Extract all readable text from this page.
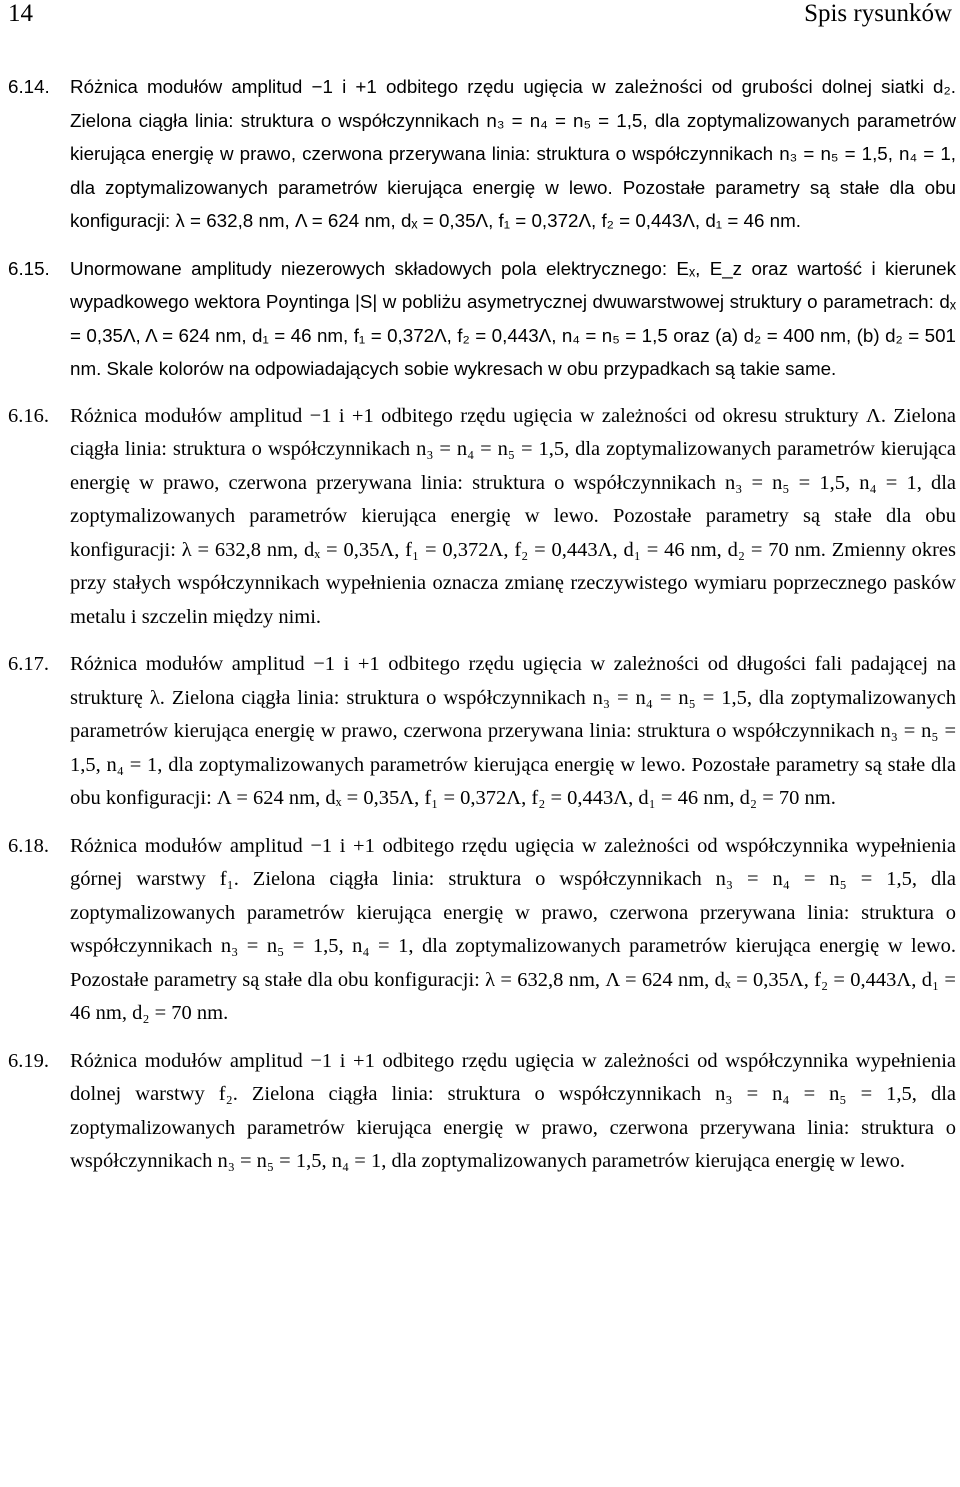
14	Spis rysunków
6.14. Różnica modułów amplitud −1 i +1 odbitego rzędu ugięcia w zależności od grubości dolnej siatki d₂. Zielona ciągła linia: struktura o współczynnikach n₃ = n₄ = n₅ = 1,5, dla zoptymalizowanych parametrów kierująca energię w prawo, czerwona przerywana linia: struktura o współczynnikach n₃ = n₅ = 1,5, n₄ = 1, dla zoptymalizowanych parametrów kierująca energię w lewo. Pozostałe parametry są stałe dla obu konfiguracji: λ = 632,8 nm, Λ = 624 nm, dₓ = 0,35Λ, f₁ = 0,372Λ, f₂ = 0,443Λ, d₁ = 46 nm.

6.15. Unormowane amplitudy niezerowych składowych pola elektrycznego: Eₓ, E_z oraz wartość i kierunek wypadkowego wektora Poyntinga |S| w pobliżu asymetrycznej dwuwarstwowej struktury o parametrach: dₓ = 0,35Λ, Λ = 624 nm, d₁ = 46 nm, f₁ = 0,372Λ, f₂ = 0,443Λ, n₄ = n₅ = 1,5 oraz (a) d₂ = 400 nm, (b) d₂ = 501 nm. Skale kolorów na odpowiadających sobie wykresach w obu przypadkach są takie same.

6.16. Różnica modułów amplitud −1 i +1 odbitego rzędu ugięcia w zależności od okresu struktury Λ. Zielona ciągła linia: struktura o współczynnikach n₃ = n₄ = n₅ = 1,5, dla zoptymalizowanych parametrów kierująca energię w prawo, czerwona przerywana linia: struktura o współczynnikach n₃ = n₅ = 1,5, n₄ = 1, dla zoptymalizowanych parametrów kierująca energię w lewo. Pozostałe parametry są stałe dla obu konfiguracji: λ = 632,8 nm, dₓ = 0,35Λ, f₁ = 0,372Λ, f₂ = 0,443Λ, d₁ = 46 nm, d₂ = 70 nm. Zmienny okres przy stałych współczynnikach wypełnienia oznacza zmianę rzeczywistego wymiaru poprzecznego pasków metalu i szczelin między nimi.

6.17. Różnica modułów amplitud −1 i +1 odbitego rzędu ugięcia w zależności od długości fali padającej na strukturę λ. Zielona ciągła linia: struktura o współczynnikach n₃ = n₄ = n₅ = 1,5, dla zoptymalizowanych parametrów kierująca energię w prawo, czerwona przerywana linia: struktura o współczynnikach n₃ = n₅ = 1,5, n₄ = 1, dla zoptymalizowanych parametrów kierująca energię w lewo. Pozostałe parametry są stałe dla obu konfiguracji: Λ = 624 nm, dₓ = 0,35Λ, f₁ = 0,372Λ, f₂ = 0,443Λ, d₁ = 46 nm, d₂ = 70 nm.

6.18. Różnica modułów amplitud −1 i +1 odbitego rzędu ugięcia w zależności od współczynnika wypełnienia górnej warstwy f₁. Zielona ciągła linia: struktura o współczynnikach n₃ = n₄ = n₅ = 1,5, dla zoptymalizowanych parametrów kierująca energię w prawo, czerwona przerywana linia: struktura o współczynnikach n₃ = n₅ = 1,5, n₄ = 1, dla zoptymalizowanych parametrów kierująca energię w lewo. Pozostałe parametry są stałe dla obu konfiguracji: λ = 632,8 nm, Λ = 624 nm, dₓ = 0,35Λ, f₂ = 0,443Λ, d₁ = 46 nm, d₂ = 70 nm.

6.19. Różnica modułów amplitud −1 i +1 odbitego rzędu ugięcia w zależności od współczynnika wypełnienia dolnej warstwy f₂. Zielona ciągła linia: struktura o współczynnikach n₃ = n₄ = n₅ = 1,5, dla zoptymalizowanych parametrów kierująca energię w prawo, czerwona przerywana linia: struktura o współczynnikach n₃ = n₅ = 1,5, n₄ = 1, dla zoptymalizowanych parametrów kierująca energię w lewo.
